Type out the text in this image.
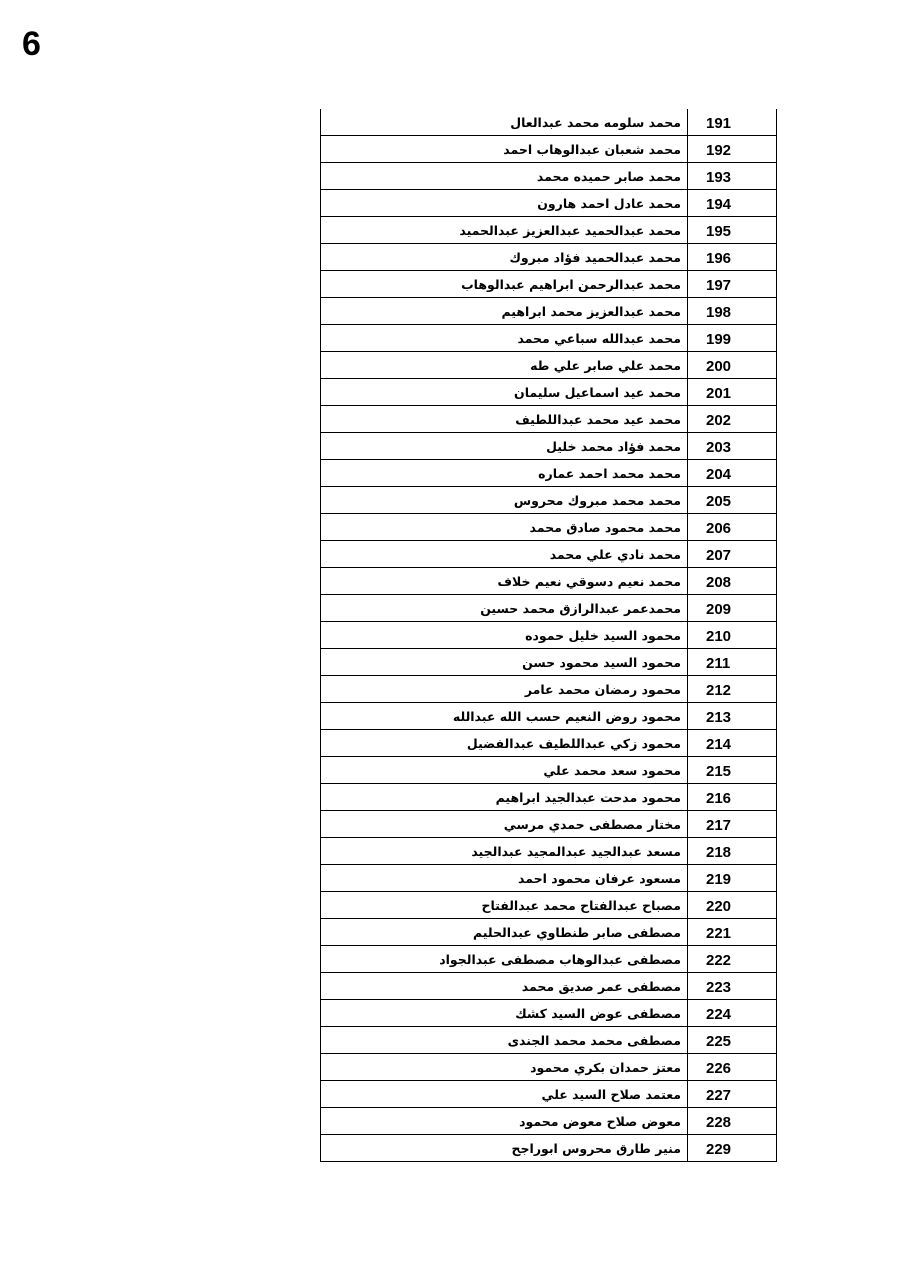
6
محمد سلومه محمد عبدالعال	191
محمد شعبان عبدالوهاب احمد	192
محمد صابر حميده محمد	193
محمد عادل احمد هارون	194
محمد عبدالحميد عبدالعزيز عبدالحميد	195
محمد عبدالحميد فؤاد مبروك	196
محمد عبدالرحمن ابراهيم عبدالوهاب	197
محمد عبدالعزيز محمد ابراهيم	198
محمد عبدالله سباعي محمد	199
محمد علي صابر علي طه	200
محمد عيد اسماعيل سليمان	201
محمد عيد محمد عبداللطيف	202
محمد فؤاد محمد خليل	203
محمد محمد احمد عماره	204
محمد محمد مبروك محروس	205
محمد محمود صادق محمد	206
محمد نادي علي محمد	207
محمد نعيم دسوقي نعيم خلاف	208
محمدعمر عبدالرازق محمد حسين	209
محمود السيد خليل حموده	210
محمود السيد محمود حسن	211
محمود رمضان محمد عامر	212
محمود روض النعيم حسب الله عبدالله	213
محمود زكي عبداللطيف عبدالفضيل	214
محمود سعد محمد علي	215
محمود مدحت عبدالجيد ابراهيم	216
مختار مصطفى حمدي مرسي	217
مسعد عبدالجيد عبدالمجيد عبدالجيد	218
مسعود عرفان محمود احمد	219
مصباح عبدالفتاح محمد عبدالفتاح	220
مصطفى صابر طنطاوي عبدالحليم	221
مصطفى عبدالوهاب مصطفى عبدالجواد	222
مصطفى عمر صديق محمد	223
مصطفى عوض السيد كشك	224
مصطفى محمد محمد الجندى	225
معتز حمدان بكري محمود	226
معتمد صلاح السيد علي	227
معوض صلاح معوض محمود	228
منير طارق محروس ابوراجح	229
